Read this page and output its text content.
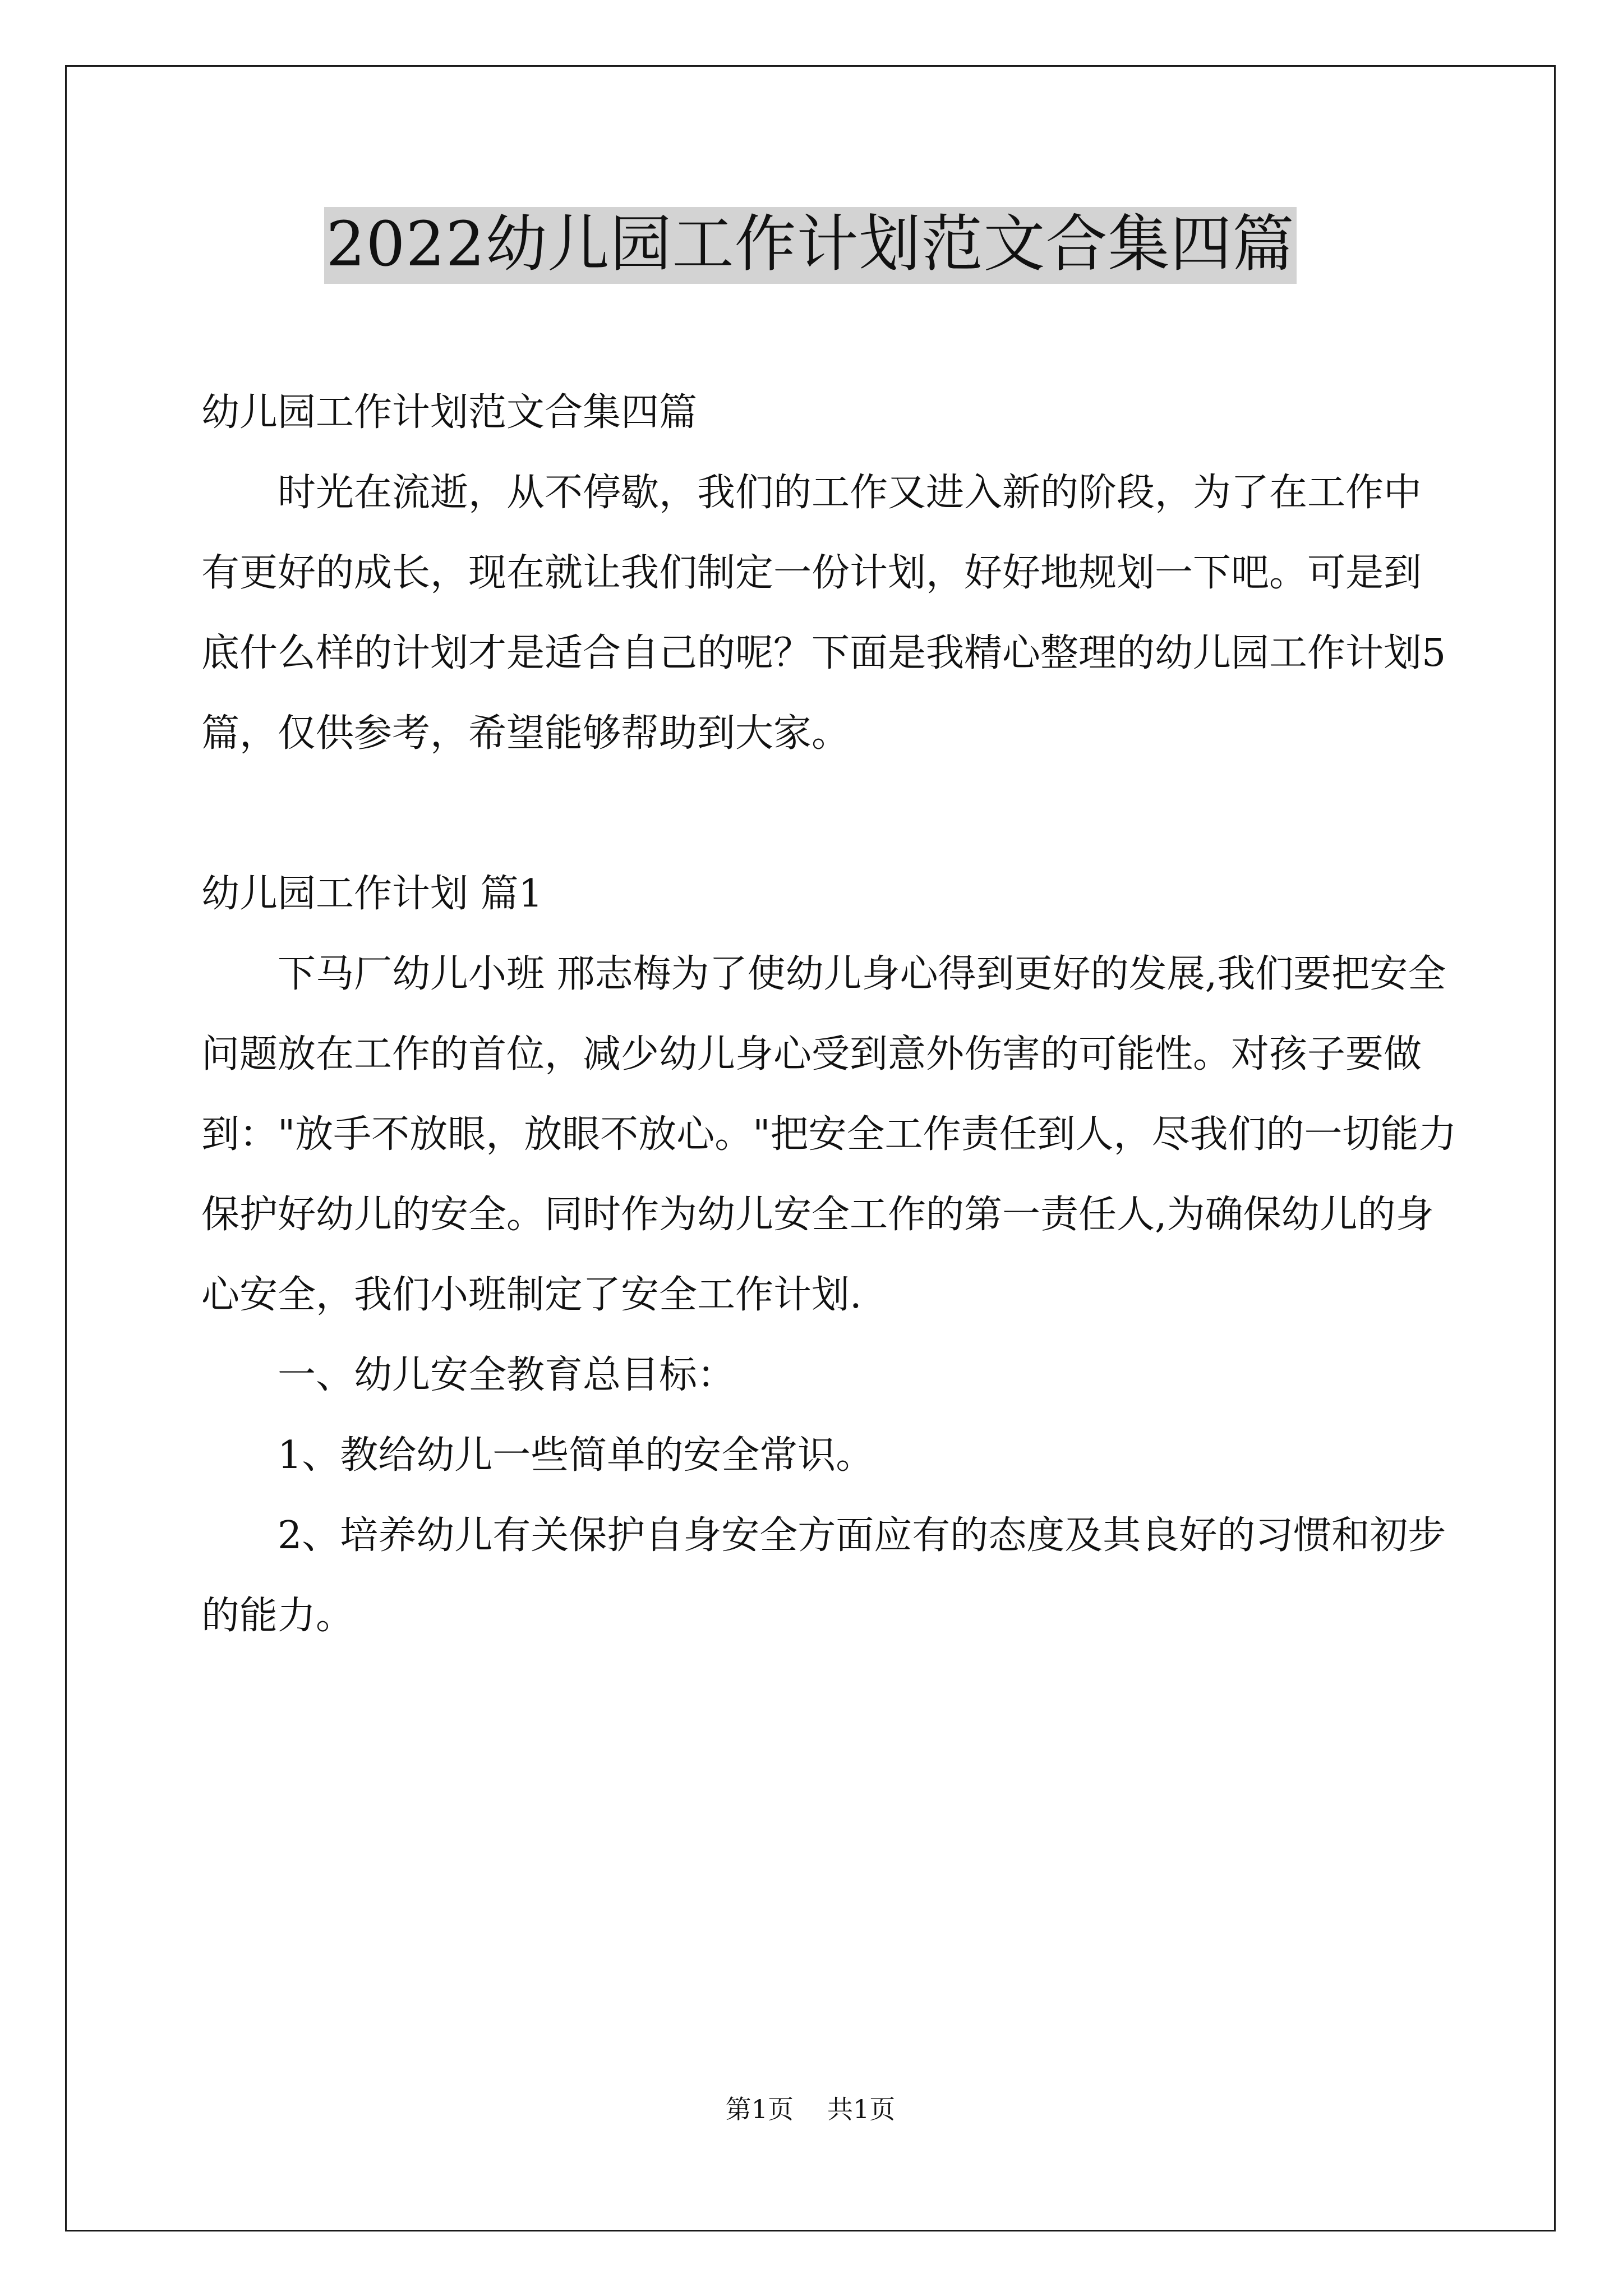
2022幼儿园工作计划范文合集四篇

幼儿园工作计划范文合集四篇

时光在流逝，从不停歇，我们的工作又进入新的阶段，为了在工作中有更好的成长，现在就让我们制定一份计划，好好地规划一下吧。可是到底什么样的计划才是适合自己的呢？下面是我精心整理的幼儿园工作计划5篇，仅供参考，希望能够帮助到大家。

幼儿园工作计划 篇1

下马厂幼儿小班 邢志梅为了使幼儿身心得到更好的发展,我们要把安全问题放在工作的首位，减少幼儿身心受到意外伤害的可能性。对孩子要做到："放手不放眼，放眼不放心。"把安全工作责任到人，尽我们的一切能力保护好幼儿的安全。同时作为幼儿安全工作的第一责任人,为确保幼儿的身心安全，我们小班制定了安全工作计划.

一、幼儿安全教育总目标：

1、教给幼儿一些简单的安全常识。

2、培养幼儿有关保护自身安全方面应有的态度及其良好的习惯和初步的能力。

第1页 共1页
